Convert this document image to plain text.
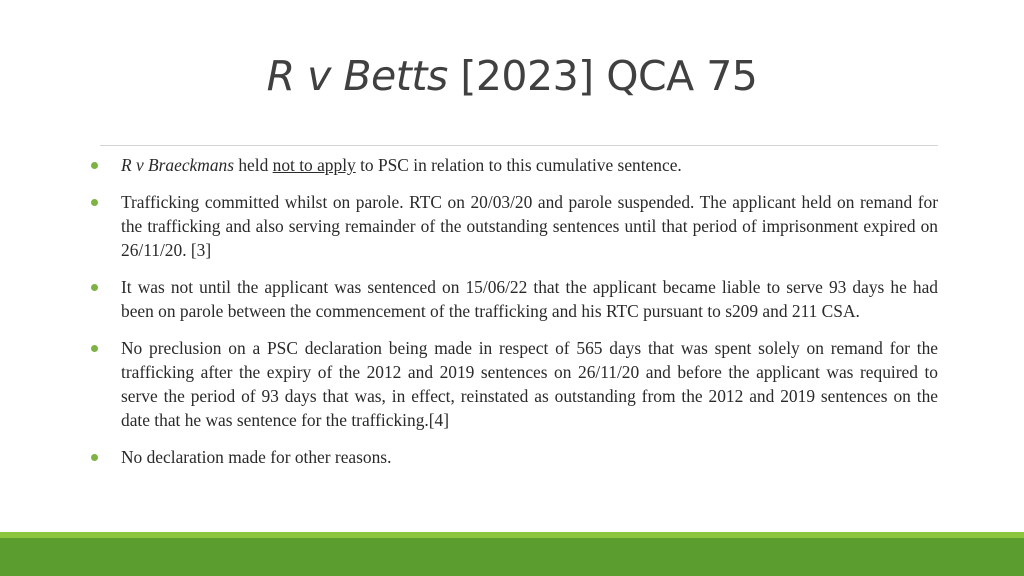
R v Betts [2023] QCA 75
R v Braeckmans held not to apply to PSC in relation to this cumulative sentence.
Trafficking committed whilst on parole. RTC on 20/03/20 and parole suspended. The applicant held on remand for the trafficking and also serving remainder of the outstanding sentences until that period of imprisonment expired on 26/11/20. [3]
It was not until the applicant was sentenced on 15/06/22 that the applicant became liable to serve 93 days he had been on parole between the commencement of the trafficking and his RTC pursuant to s209 and 211 CSA.
No preclusion on a PSC declaration being made in respect of 565 days that was spent solely on remand for the trafficking after the expiry of the 2012 and 2019 sentences on 26/11/20 and before the applicant was required to serve the period of 93 days that was, in effect, reinstated as outstanding from the 2012 and 2019 sentences on the date that he was sentence for the trafficking.[4]
No declaration made for other reasons.
